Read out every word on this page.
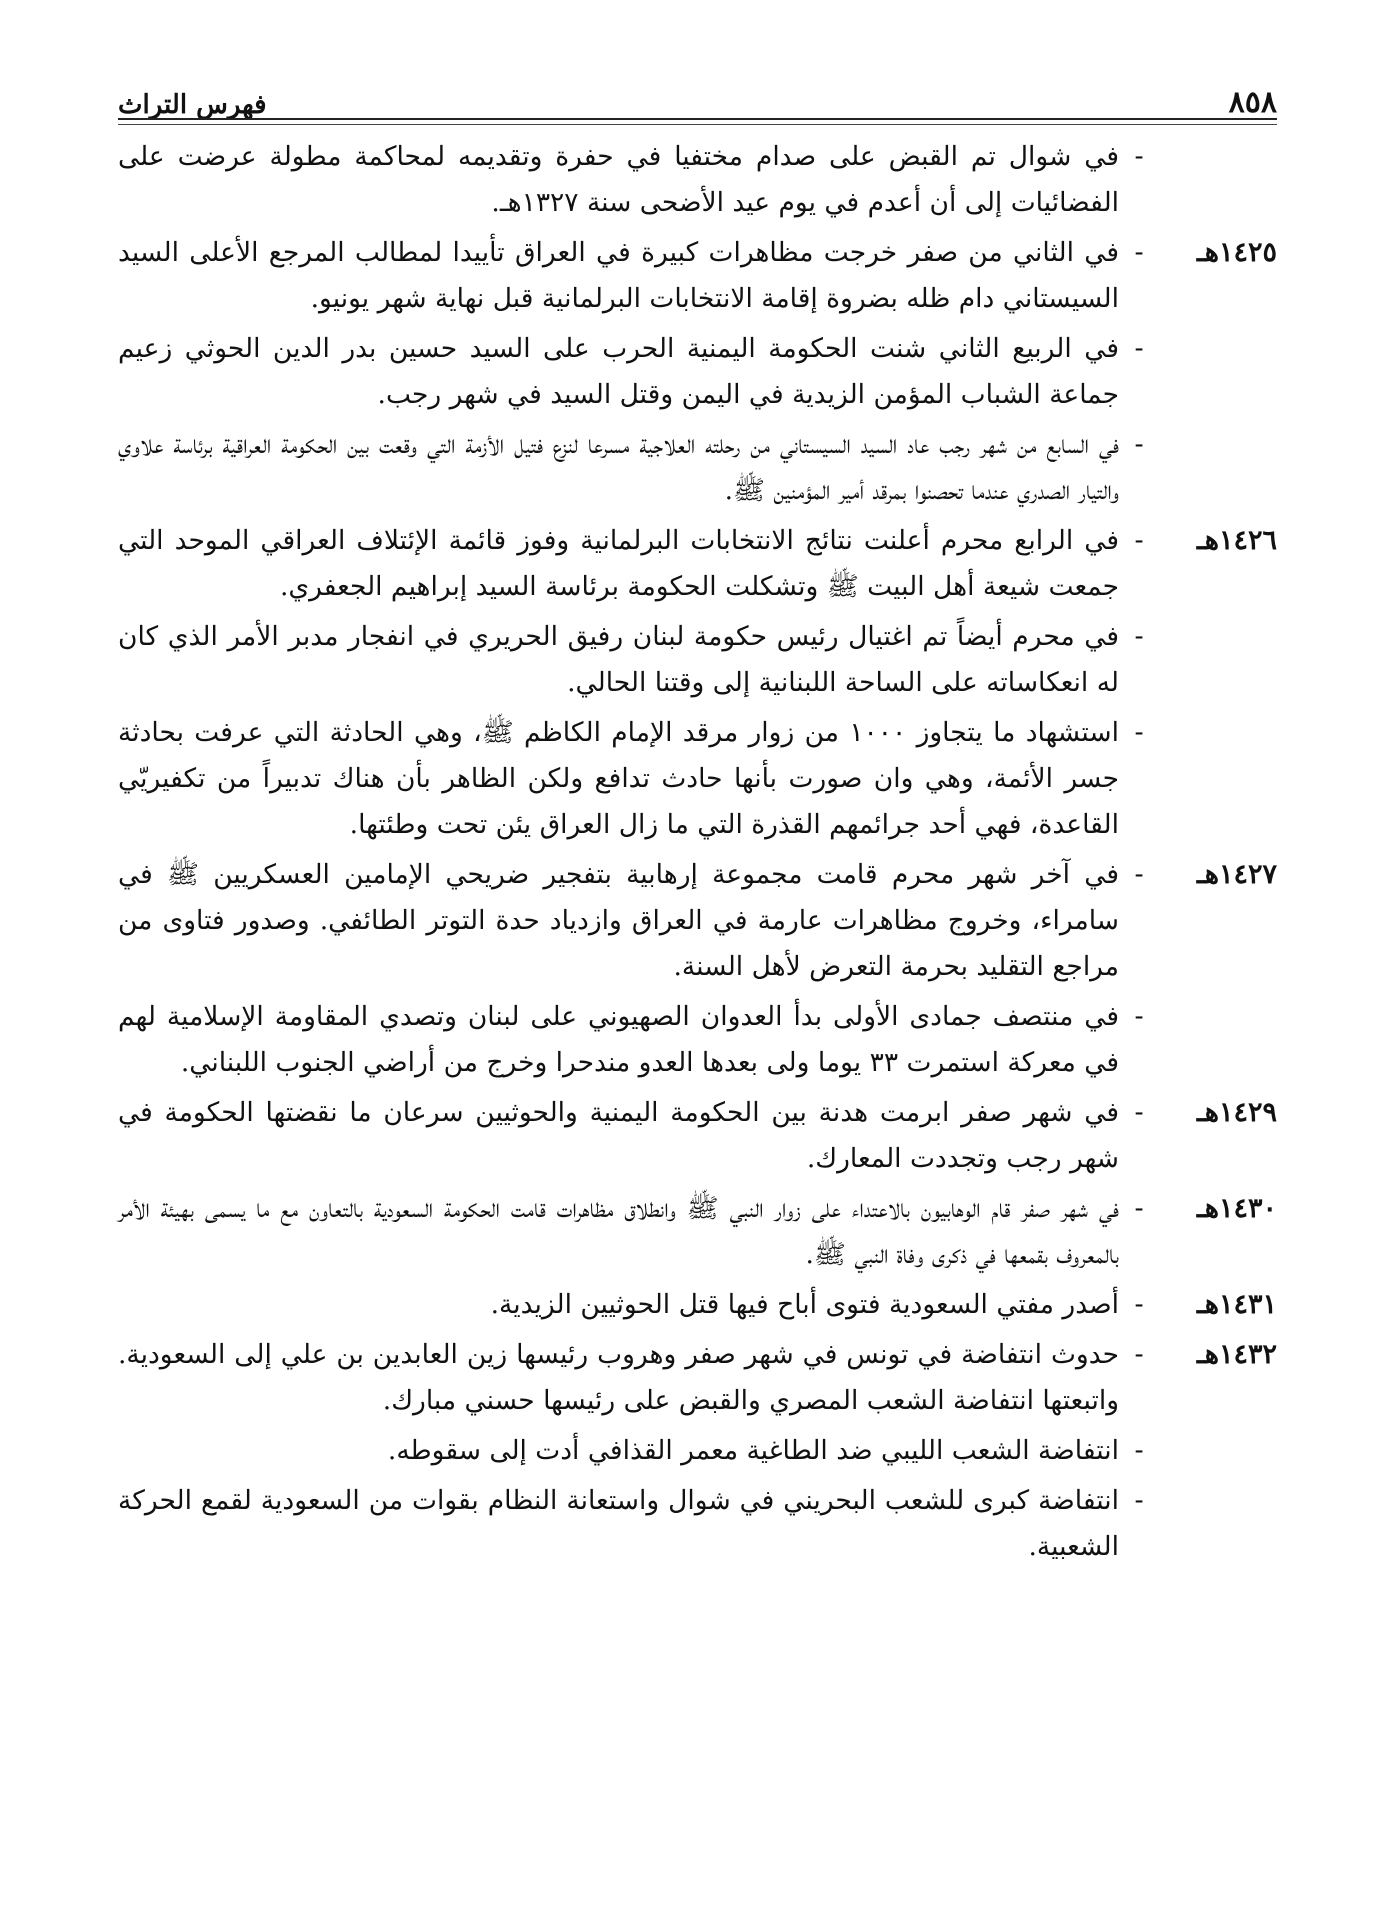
٨٥٨
فهرس التراث
-
في شوال تم القبض على صدام مختفيا في حفرة وتقديمه لمحاكمة مطولة عرضت على الفضائيات إلى أن أعدم في يوم عيد الأضحى سنة ١٣٢٧هـ.
١٤٢٥هـ
-
في الثاني من صفر خرجت مظاهرات كبيرة في العراق تأييدا لمطالب المرجع الأعلى السيد السيستاني دام ظله بضروة إقامة الانتخابات البرلمانية قبل نهاية شهر يونيو.
-
في الربيع الثاني شنت الحكومة اليمنية الحرب على السيد حسين بدر الدين الحوثي زعيم جماعة الشباب المؤمن الزيدية في اليمن وقتل السيد في شهر رجب.
-
في السابع من شهر رجب عاد السيد السيستاني من رحلته العلاجية مسرعا لنزع فتيل الأزمة التي وقعت بين الحكومة العراقية برئاسة علاوي والتيار الصدري عندما تحصنوا بمرقد أمير المؤمنين ﷺ.
١٤٢٦هـ
-
في الرابع محرم أعلنت نتائج الانتخابات البرلمانية وفوز قائمة الإئتلاف العراقي الموحد التي جمعت شيعة أهل البيت ﷺ وتشكلت الحكومة برئاسة السيد إبراهيم الجعفري.
-
في محرم أيضاً تم اغتيال رئيس حكومة لبنان رفيق الحريري في انفجار مدبر الأمر الذي كان له انعكاساته على الساحة اللبنانية إلى وقتنا الحالي.
-
استشهاد ما يتجاوز ١٠٠٠ من زوار مرقد الإمام الكاظم ﷺ، وهي الحادثة التي عرفت بحادثة جسر الأئمة، وهي وان صورت بأنها حادث تدافع ولكن الظاهر بأن هناك تدبيراً من تكفيريّي القاعدة، فهي أحد جرائمهم القذرة التي ما زال العراق يئن تحت وطئتها.
١٤٢٧هـ
-
في آخر شهر محرم قامت مجموعة إرهابية بتفجير ضريحي الإمامين العسكريين ﷺ في سامراء، وخروج مظاهرات عارمة في العراق وازدياد حدة التوتر الطائفي. وصدور فتاوى من مراجع التقليد بحرمة التعرض لأهل السنة.
-
في منتصف جمادى الأولى بدأ العدوان الصهيوني على لبنان وتصدي المقاومة الإسلامية لهم في معركة استمرت ٣٣ يوما ولى بعدها العدو مندحرا وخرج من أراضي الجنوب اللبناني.
١٤٢٩هـ
-
في شهر صفر ابرمت هدنة بين الحكومة اليمنية والحوثيين سرعان ما نقضتها الحكومة في شهر رجب وتجددت المعارك.
١٤٣٠هـ
-
في شهر صفر قام الوهابيون بالاعتداء على زوار النبي ﷺ وانطلاق مظاهرات قامت الحكومة السعودية بالتعاون مع ما يسمى بهيئة الأمر بالمعروف بقمعها في ذكرى وفاة النبي ﷺ.
١٤٣١هـ
-
أصدر مفتي السعودية فتوى أباح فيها قتل الحوثيين الزيدية.
١٤٣٢هـ
-
حدوث انتفاضة في تونس في شهر صفر وهروب رئيسها زين العابدين بن علي إلى السعودية. واتبعتها انتفاضة الشعب المصري والقبض على رئيسها حسني مبارك.
-
انتفاضة الشعب الليبي ضد الطاغية معمر القذافي أدت إلى سقوطه.
-
انتفاضة كبرى للشعب البحريني في شوال واستعانة النظام بقوات من السعودية لقمع الحركة الشعبية.
